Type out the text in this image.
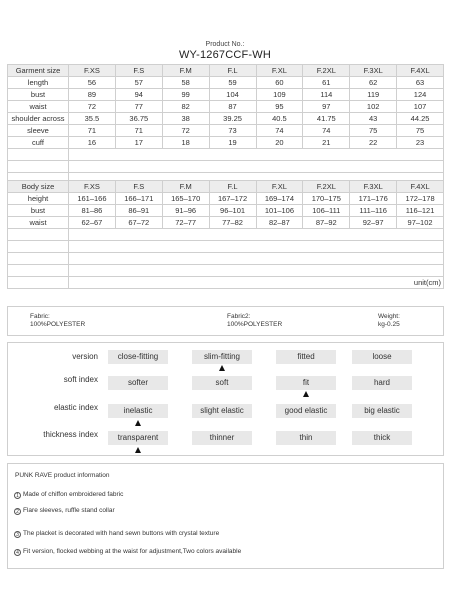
Product No.:
WY-1267CCF-WH
Garment size	F.XS	F.S	F.M	F.L	F.XL	F.2XL	F.3XL	F.4XL
length	56	57	58	59	60	61	62	63
bust	89	94	99	104	109	114	119	124
waist	72	77	82	87	95	97	102	107
shoulder across	35.5	36.75	38	39.25	40.5	41.75	43	44.25
sleeve	71	71	72	73	74	74	75	75
cuff	16	17	18	19	20	21	22	23

Body size	F.XS	F.S	F.M	F.L	F.XL	F.2XL	F.3XL	F.4XL
height	161–166	166–171	165–170	167–172	169–174	170–175	171–176	172–178
bust	81–86	86–91	91–96	96–101	101–106	106–111	111–116	116–121
waist	62–67	67–72	72–77	77–82	82–87	87–92	92–97	97–102

	unit(cm)							
Fabric:
100%POLYESTER
Fabric2:
100%POLYESTER
Weight:
kg-0.25
version	close-fitting	slim-fitting	fitted	loose
soft index	softer	soft	fit	hard
elastic index	inelastic	slight elastic	good elastic	big elastic
thickness index	transparent	thinner	thin	thick
PUNK RAVE product information
1 Made of chiffon embroidered fabric
2 Flare sleeves, ruffle stand collar
3 The placket is decorated with hand sewn buttons with crystal texture
4 Fit version, flocked webbing at the waist for adjustment,Two colors available
